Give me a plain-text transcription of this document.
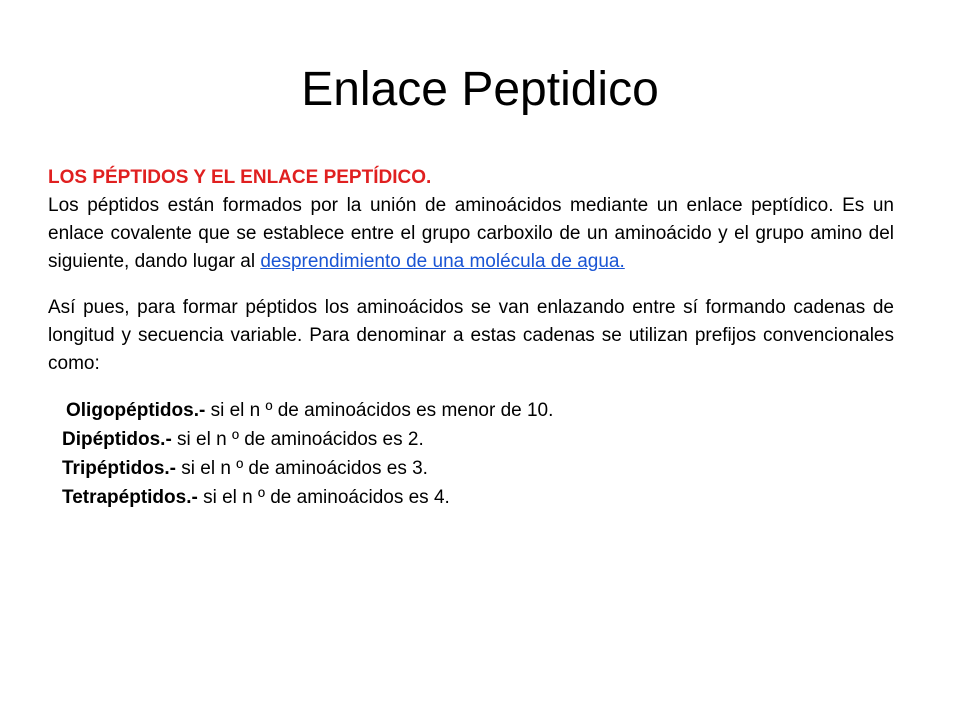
Enlace Peptidico

LOS PÉPTIDOS Y EL ENLACE PEPTÍDICO.

Los péptidos están formados por la unión de aminoácidos mediante un enlace peptídico. Es un enlace covalente que se establece entre el grupo carboxilo de un aminoácido y el grupo amino del siguiente, dando lugar al desprendimiento de una molécula de agua.

Así pues, para formar péptidos los aminoácidos se van enlazando entre sí formando cadenas de longitud y secuencia variable. Para denominar a estas cadenas se utilizan prefijos convencionales como:

Oligopéptidos.- si el n º de aminoácidos es menor de 10.
Dipéptidos.- si el n º de aminoácidos es 2.
Tripéptidos.- si el n º de aminoácidos es 3.
Tetrapéptidos.- si el n º de aminoácidos es 4.
